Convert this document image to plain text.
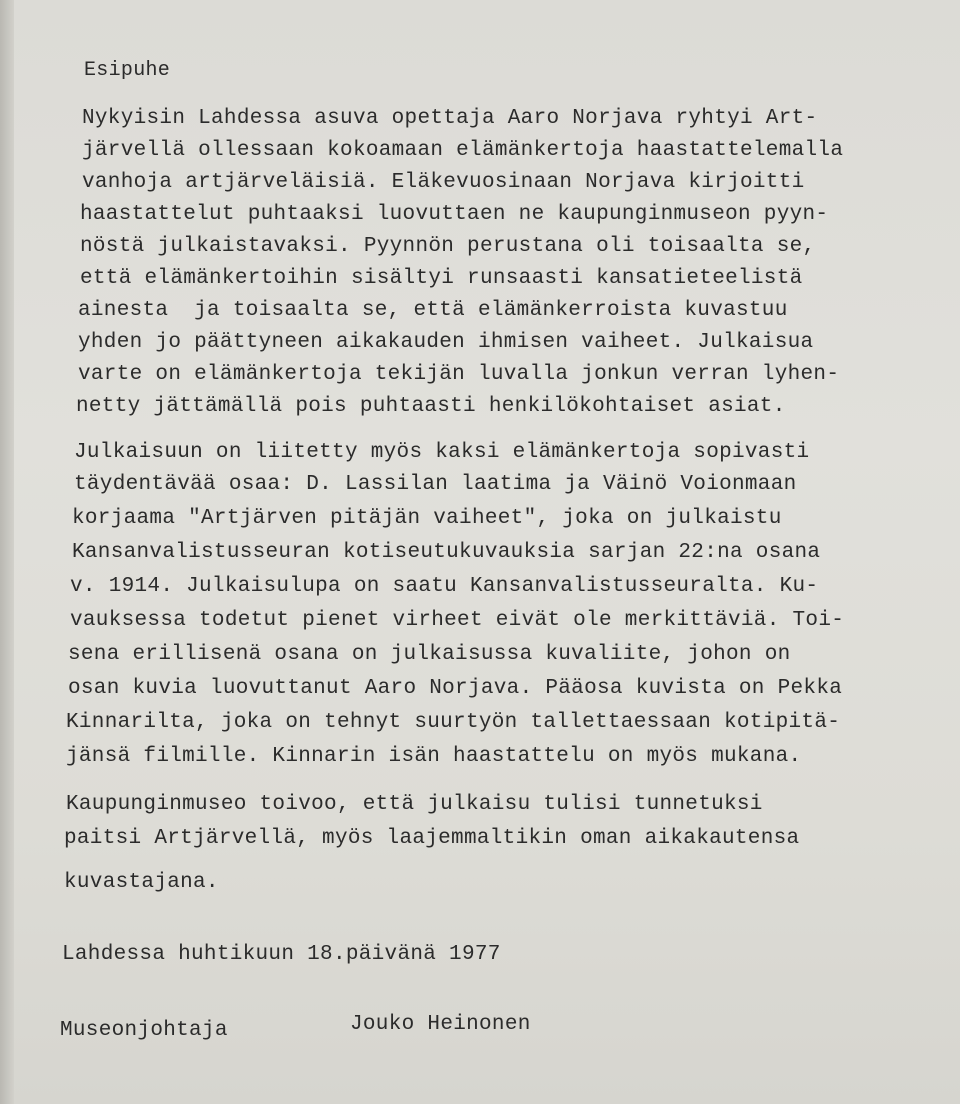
Esipuhe
Nykyisin Lahdessa asuva opettaja Aaro Norjava ryhtyi Art-
järvellä ollessaan kokoamaan elämänkertoja haastattelemalla
vanhoja artjärveläisiä. Eläkevuosinaan Norjava kirjoitti
haastattelut puhtaaksi luovuttaen ne kaupunginmuseon pyyn-
nöstä julkaistavaksi. Pyynnön perustana oli toisaalta se,
että elämänkertoihin sisältyi runsaasti kansatieteelistä
ainesta  ja toisaalta se, että elämänkerroista kuvastuu
yhden jo päättyneen aikakauden ihmisen vaiheet. Julkaisua
varte on elämänkertoja tekijän luvalla jonkun verran lyhen-
netty jättämällä pois puhtaasti henkilökohtaiset asiat.
Julkaisuun on liitetty myös kaksi elämänkertoja sopivasti
täydentävää osaa: D. Lassilan laatima ja Väinö Voionmaan
korjaama "Artjärven pitäjän vaiheet", joka on julkaistu
Kansanvalistusseuran kotiseutukuvauksia sarjan 22:na osana
v. 1914. Julkaisulupa on saatu Kansanvalistusseuralta. Ku-
vauksessa todetut pienet virheet eivät ole merkittäviä. Toi-
sena erillisenä osana on julkaisussa kuvaliite, johon on
osan kuvia luovuttanut Aaro Norjava. Pääosa kuvista on Pekka
Kinnarilta, joka on tehnyt suurtyön tallettaessaan kotipitä-
jänsä filmille. Kinnarin isän haastattelu on myös mukana.
Kaupunginmuseo toivoo, että julkaisu tulisi tunnetuksi
paitsi Artjärvellä, myös laajemmaltikin oman aikakautensa
kuvastajana.
Lahdessa huhtikuun 18.päivänä 1977
Museonjohtaja	Jouko Heinonen
